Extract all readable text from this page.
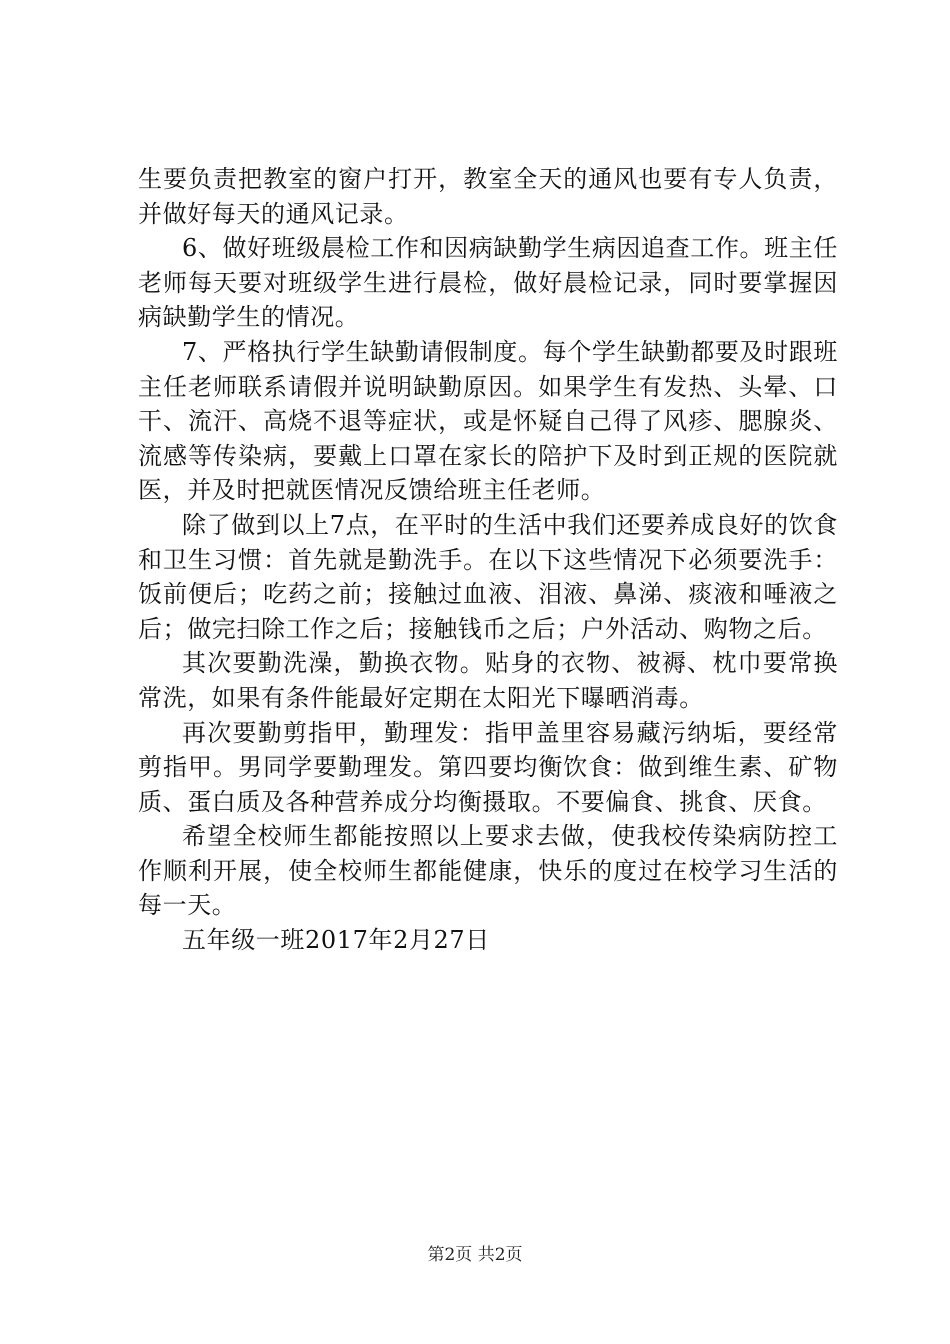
生要负责把教室的窗户打开，教室全天的通风也要有专人负责，并做好每天的通风记录。

6、做好班级晨检工作和因病缺勤学生病因追查工作。班主任老师每天要对班级学生进行晨检，做好晨检记录，同时要掌握因病缺勤学生的情况。

7、严格执行学生缺勤请假制度。每个学生缺勤都要及时跟班主任老师联系请假并说明缺勤原因。如果学生有发热、头晕、口干、流汗、高烧不退等症状，或是怀疑自己得了风疹、腮腺炎、流感等传染病，要戴上口罩在家长的陪护下及时到正规的医院就医，并及时把就医情况反馈给班主任老师。

除了做到以上7点，在平时的生活中我们还要养成良好的饮食和卫生习惯：首先就是勤洗手。在以下这些情况下必须要洗手：饭前便后；吃药之前；接触过血液、泪液、鼻涕、痰液和唾液之后；做完扫除工作之后；接触钱币之后；户外活动、购物之后。

其次要勤洗澡，勤换衣物。贴身的衣物、被褥、枕巾要常换常洗，如果有条件能最好定期在太阳光下曝晒消毒。

再次要勤剪指甲，勤理发：指甲盖里容易藏污纳垢，要经常剪指甲。男同学要勤理发。第四要均衡饮食：做到维生素、矿物质、蛋白质及各种营养成分均衡摄取。不要偏食、挑食、厌食。

希望全校师生都能按照以上要求去做，使我校传染病防控工作顺利开展，使全校师生都能健康，快乐的度过在校学习生活的每一天。

五年级一班2017年2月27日

第2页 共2页
